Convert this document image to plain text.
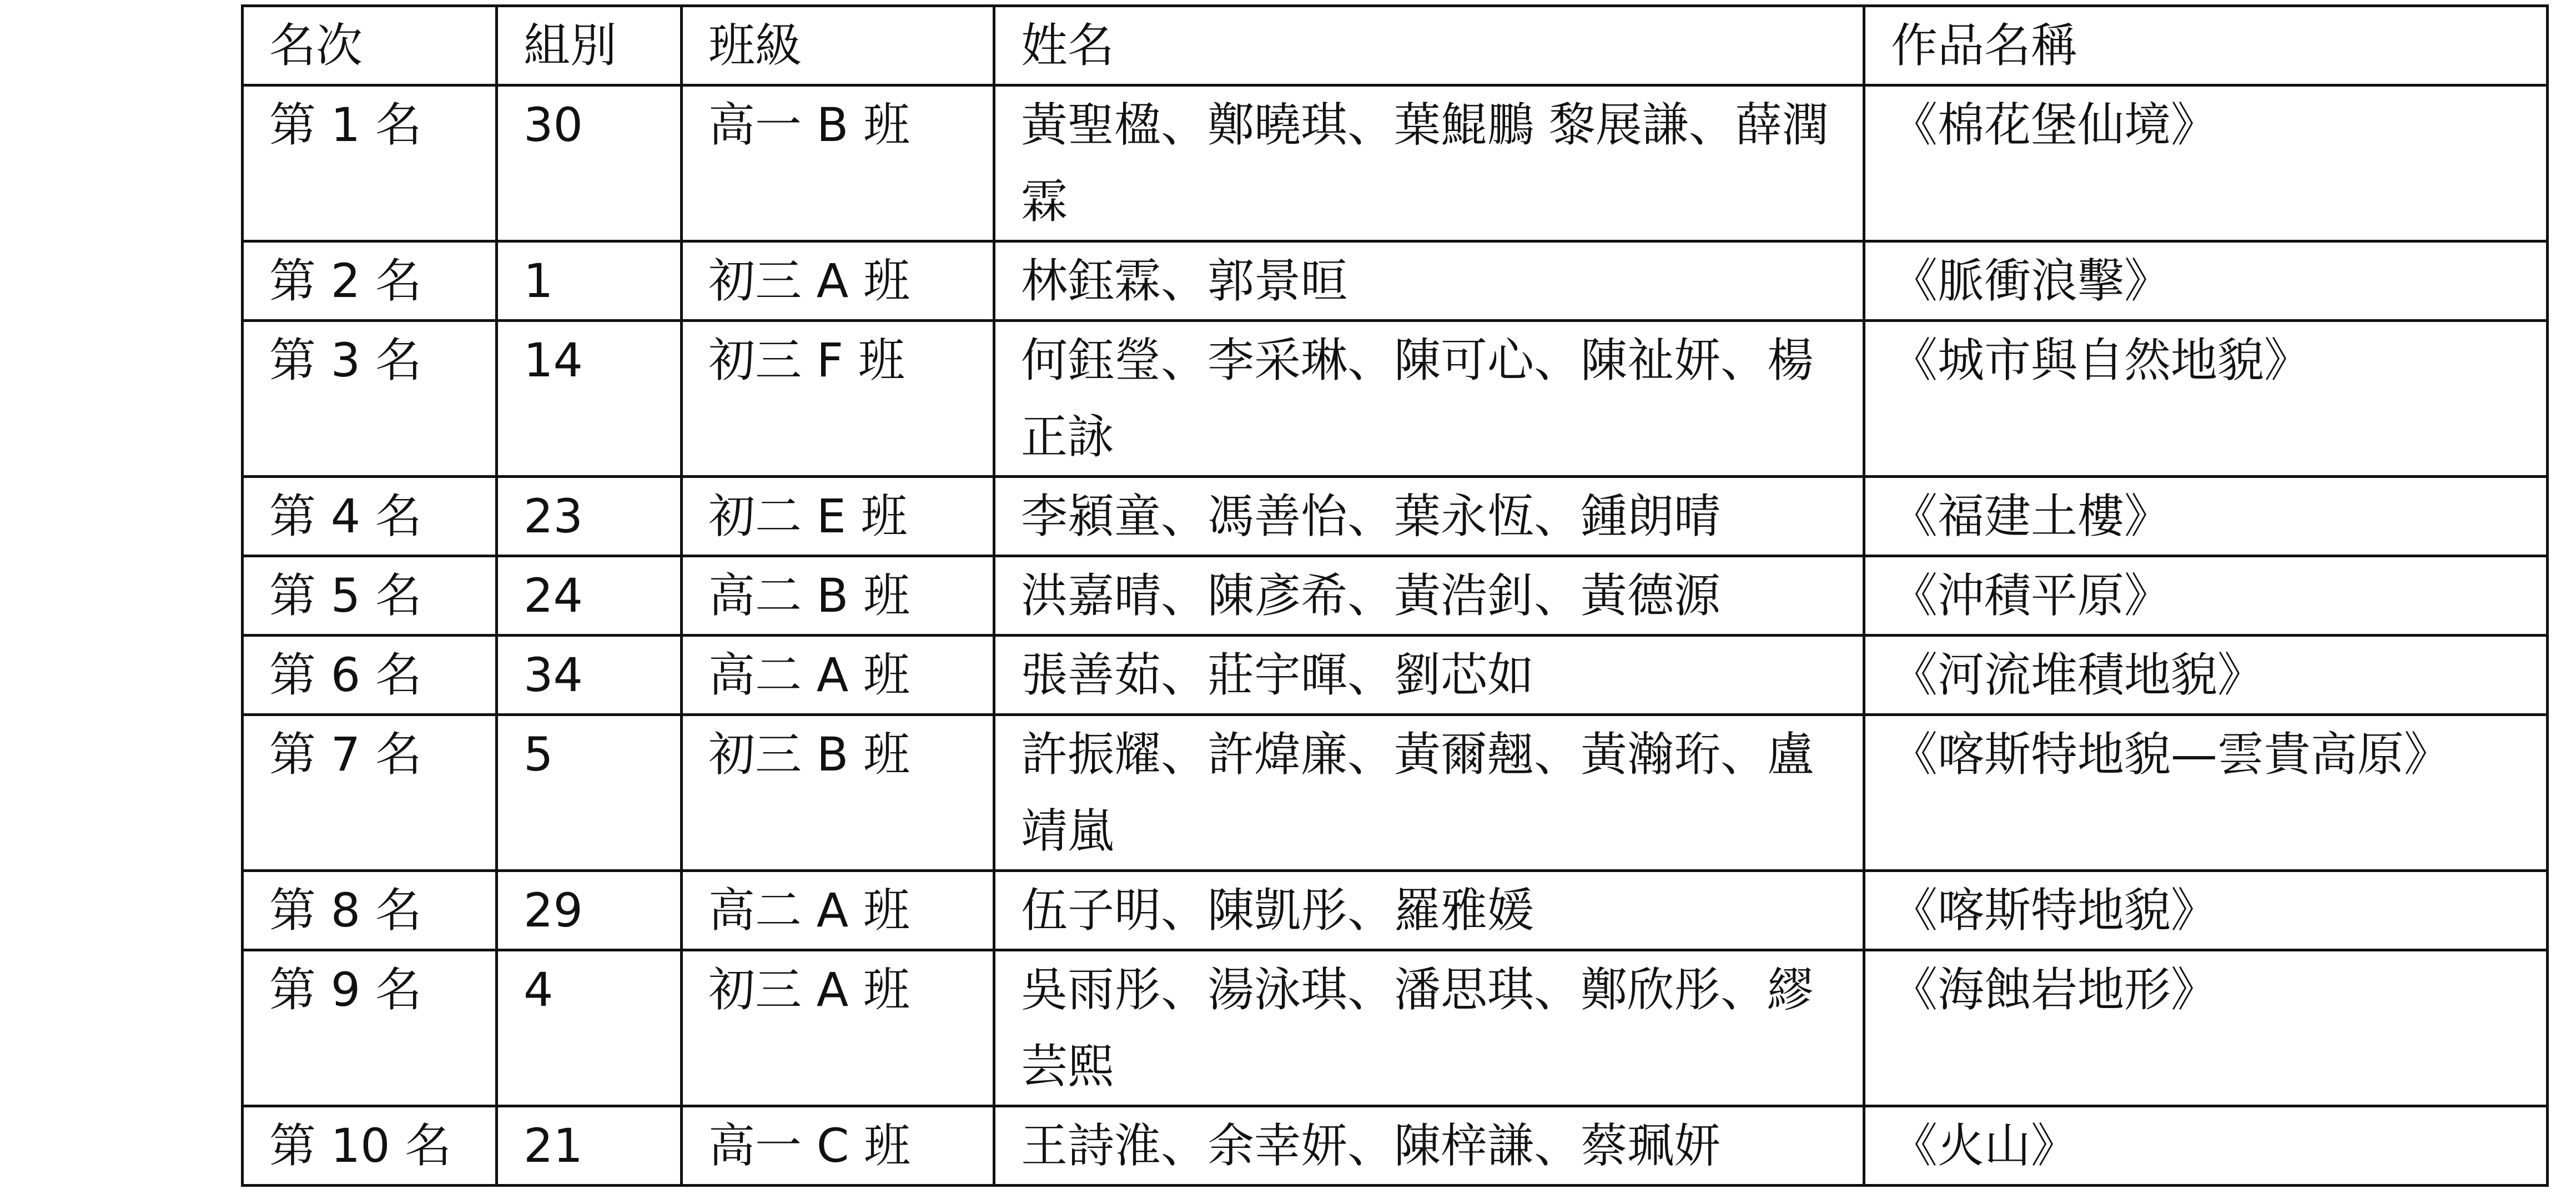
名次	組別	班級	姓名	作品名稱
第 1 名	30	高一 B 班	黃聖楹、鄭曉琪、葉鯤鵬 黎展謙、薛潤霖	《棉花堡仙境》
第 2 名	1	初三 A 班	林鈺霖、郭景晅	《脈衝浪擊》
第 3 名	14	初三 F 班	何鈺瑩、李采琳、陳可心、陳祉妍、楊正詠	《城市與自然地貌》
第 4 名	23	初二 E 班	李潁童、馮善怡、葉永恆、鍾朗晴	《福建土樓》
第 5 名	24	高二 B 班	洪嘉晴、陳彥希、黃浩釗、黃德源	《沖積平原》
第 6 名	34	高二 A 班	張善茹、莊宇暉、劉芯如	《河流堆積地貌》
第 7 名	5	初三 B 班	許振耀、許煒廉、黃爾翹、黃瀚珩、盧靖嵐	《喀斯特地貌—雲貴高原》
第 8 名	29	高二 A 班	伍子明、陳凱彤、羅雅媛	《喀斯特地貌》
第 9 名	4	初三 A 班	吳雨彤、湯泳琪、潘思琪、鄭欣彤、繆芸熙	《海蝕岩地形》
第 10 名	21	高一 C 班	王詩淮、余幸妍、陳梓謙、蔡珮妍	《火山》
